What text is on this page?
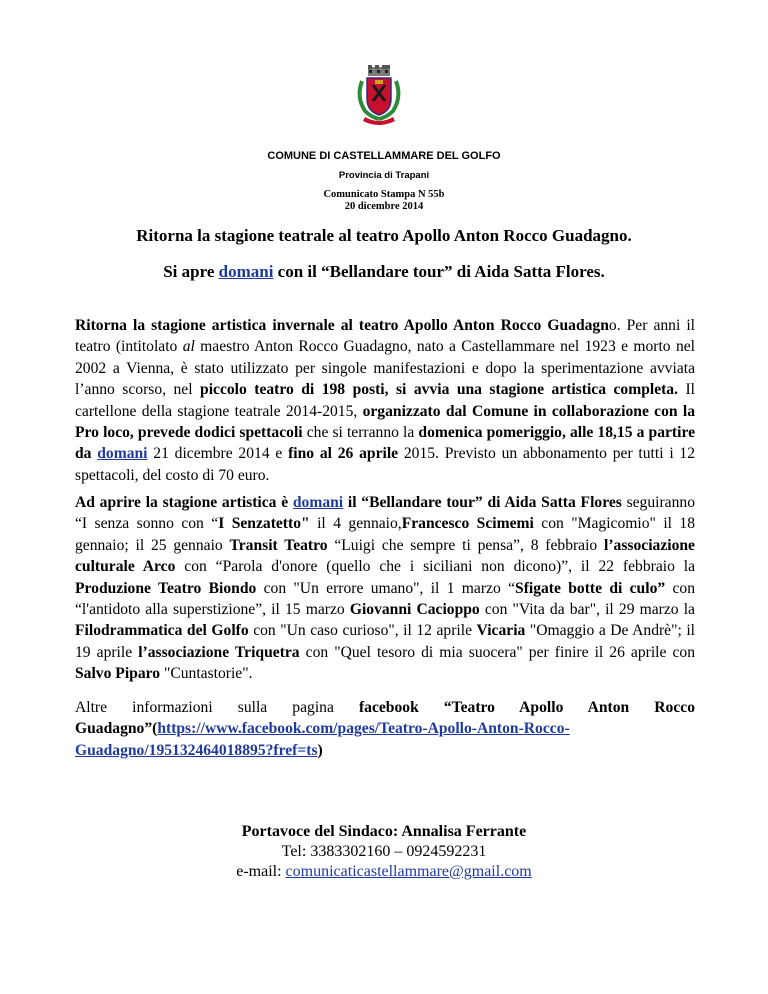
COMUNE DI CASTELLAMMARE DEL GOLFO
Provincia di Trapani
Comunicato Stampa N 55b
20 dicembre 2014
Ritorna la stagione teatrale al teatro Apollo Anton Rocco Guadagno.
Si apre domani con il “Bellandare tour” di Aida Satta Flores.
Ritorna la stagione artistica invernale al teatro Apollo Anton Rocco Guadagno. Per anni il teatro (intitolato al maestro Anton Rocco Guadagno, nato a Castellammare nel 1923 e morto nel 2002 a Vienna, è stato utilizzato per singole manifestazioni e dopo la sperimentazione avviata l’anno scorso, nel piccolo teatro di 198 posti, si avvia una stagione artistica completa. Il cartellone della stagione teatrale 2014-2015, organizzato dal Comune in collaborazione con la Pro loco, prevede dodici spettacoli che si terranno la domenica pomeriggio, alle 18,15 a partire da domani 21 dicembre 2014 e fino al 26 aprile 2015. Previsto un abbonamento per tutti i 12 spettacoli, del costo di 70 euro.
Ad aprire la stagione artistica è domani il “Bellandare tour” di Aida Satta Flores seguiranno “I senza sonno con “I Senzatetto" il 4 gennaio,Francesco Scimemi con "Magicomio" il 18 gennaio; il 25 gennaio Transit Teatro “Luigi che sempre ti pensa”, 8 febbraio l’associazione culturale Arco con “Parola d'onore (quello che i siciliani non dicono)”, il 22 febbraio la Produzione Teatro Biondo con "Un errore umano", il 1 marzo “Sfigate botte di culo” con “l'antidoto alla superstizione”, il 15 marzo Giovanni Cacioppo con "Vita da bar", il 29 marzo la Filodrammatica del Golfo con "Un caso curioso", il 12 aprile Vicaria "Omaggio a De Andrè"; il 19 aprile l’associazione Triquetra con "Quel tesoro di mia suocera" per finire il 26 aprile con Salvo Piparo "Cuntastorie".
Altre informazioni sulla pagina facebook “Teatro Apollo Anton Rocco Guadagno”(https://www.facebook.com/pages/Teatro-Apollo-Anton-Rocco-Guadagno/195132464018895?fref=ts)
Portavoce del Sindaco: Annalisa Ferrante
Tel: 3383302160 – 0924592231
e-mail: comunicaticastellammare@gmail.com
